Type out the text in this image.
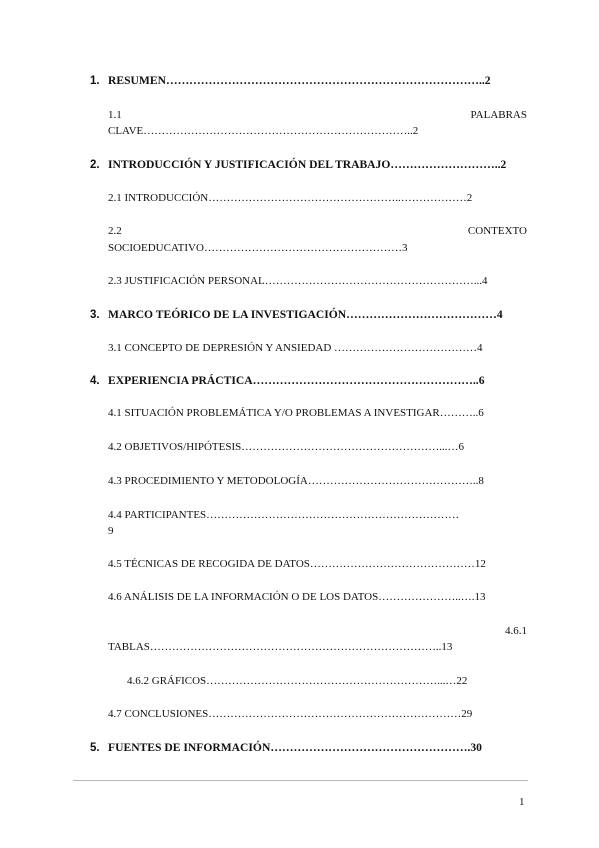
1. RESUMEN………………………………………………………………………..2
1.1	PALABRAS
CLAVE………………………………………………………………..2
2. INTRODUCCIÓN Y JUSTIFICACIÓN DEL TRABAJO………………………..2
2.1 INTRODUCCIÓN……………………………………………..………………2
2.2	CONTEXTO
SOCIOEDUCATIVO………………………………………………3
2.3 JUSTIFICACIÓN PERSONAL…………………………………………………...4
3. MARCO TEÓRICO DE LA INVESTIGACIÓN…………………………………4
3.1 CONCEPTO DE DEPRESIÓN Y ANSIEDAD …………………………………4
4. EXPERIENCIA PRÁCTICA…………………………………………………..6
4.1 SITUACIÓN PROBLEMÁTICA Y/O PROBLEMAS A INVESTIGAR………..6
4.2 OBJETIVOS/HIPÓTESIS………………………………………………...…6
4.3 PROCEDIMIENTO Y METODOLOGÍA………………………………………..8
4.4 PARTICIPANTES……………………………………………………………
9
4.5 TÉCNICAS DE RECOGIDA DE DATOS………………………………………12
4.6 ANÁLISIS DE LA INFORMACIÓN O DE LOS DATOS…………………..….13
4.6.1
TABLAS……………………………………………………………………..13
4.6.2 GRÁFICOS………………………………………………………...…22
4.7 CONCLUSIONES……………………………………………………………29
5. FUENTES DE INFORMACIÓN…………………………………………….30
1
